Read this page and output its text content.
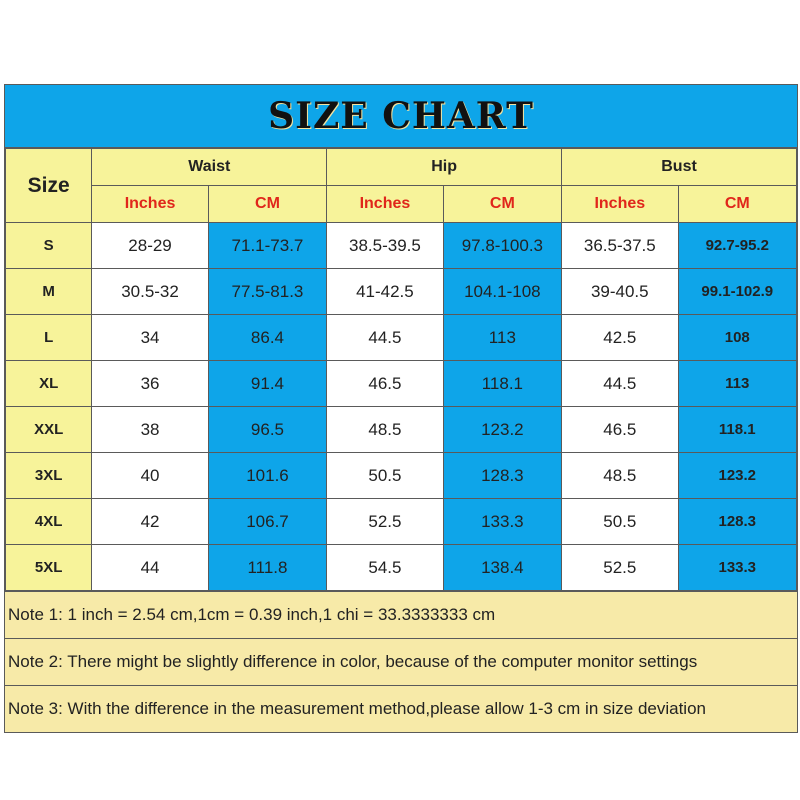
SIZE CHART
Size	Waist		Hip		Bust	
	Inches	CM	Inches	CM	Inches	CM
S	28-29	71.1-73.7	38.5-39.5	97.8-100.3	36.5-37.5	92.7-95.2
M	30.5-32	77.5-81.3	41-42.5	104.1-108	39-40.5	99.1-102.9
L	34	86.4	44.5	113	42.5	108
XL	36	91.4	46.5	118.1	44.5	113
XXL	38	96.5	48.5	123.2	46.5	118.1
3XL	40	101.6	50.5	128.3	48.5	123.2
4XL	42	106.7	52.5	133.3	50.5	128.3
5XL	44	111.8	54.5	138.4	52.5	133.3
Note 1: 1 inch = 2.54 cm,1cm = 0.39 inch,1 chi = 33.3333333 cm
Note 2: There might be slightly difference in color, because of the computer monitor settings
Note 3: With the difference in the measurement method,please allow 1-3 cm in size deviation
